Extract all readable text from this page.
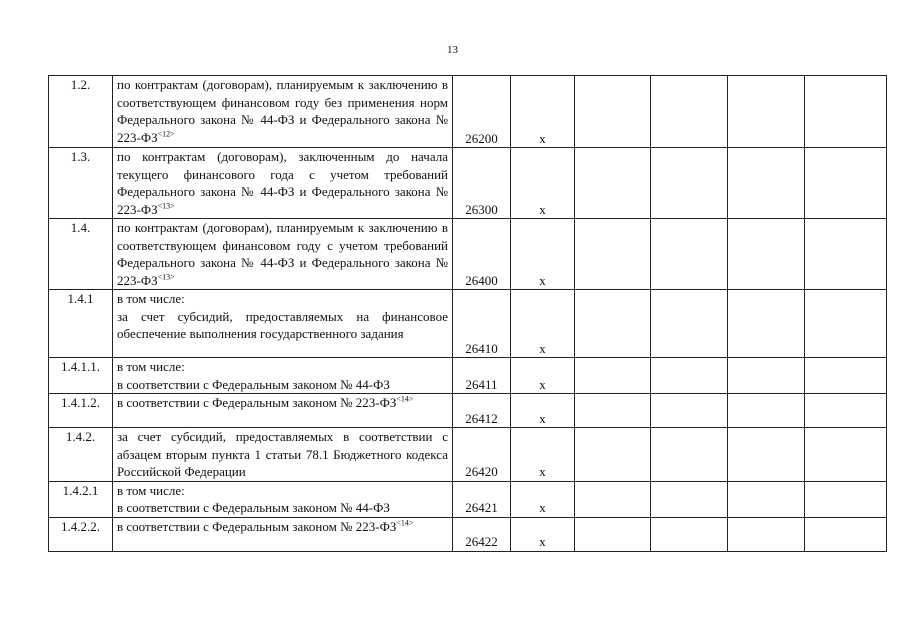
13
1.2.	по контрактам (договорам), планируемым к заключению в соответствующем финансовом году без применения норм Федерального закона № 44-ФЗ и Федерального закона № $223-ФЗ^{<12>}$	26200	x				
1.3.	по контрактам (договорам), заключенным до начала текущего финансового года с учетом требований Федерального закона № 44-ФЗ и Федерального закона № $223-ФЗ^{<13>}$	26300	x				
1.4.	по контрактам (договорам), планируемым к заключению в соответствующем финансовом году с учетом требований Федерального закона № 44-ФЗ и Федерального закона № $223-ФЗ^{<13>}$	26400	x				
1.4.1	в том числе:
за счет субсидий, предоставляемых на финансовое обеспечение выполнения государственного задания	26410	x				
1.4.1.1.	в том числе:
в соответствии с Федеральным законом № 44-ФЗ	26411	x				
1.4.1.2.	в соответствии с Федеральным законом № $223-ФЗ^{<14>}$	26412	x				
1.4.2.	за счет субсидий, предоставляемых в соответствии с абзацем вторым пункта 1 статьи 78.1 Бюджетного кодекса Российской Федерации	26420	x				
1.4.2.1	в том числе:
в соответствии с Федеральным законом № 44-ФЗ	26421	x				
1.4.2.2.	в соответствии с Федеральным законом № $223-ФЗ^{<14>}$	26422	x				
